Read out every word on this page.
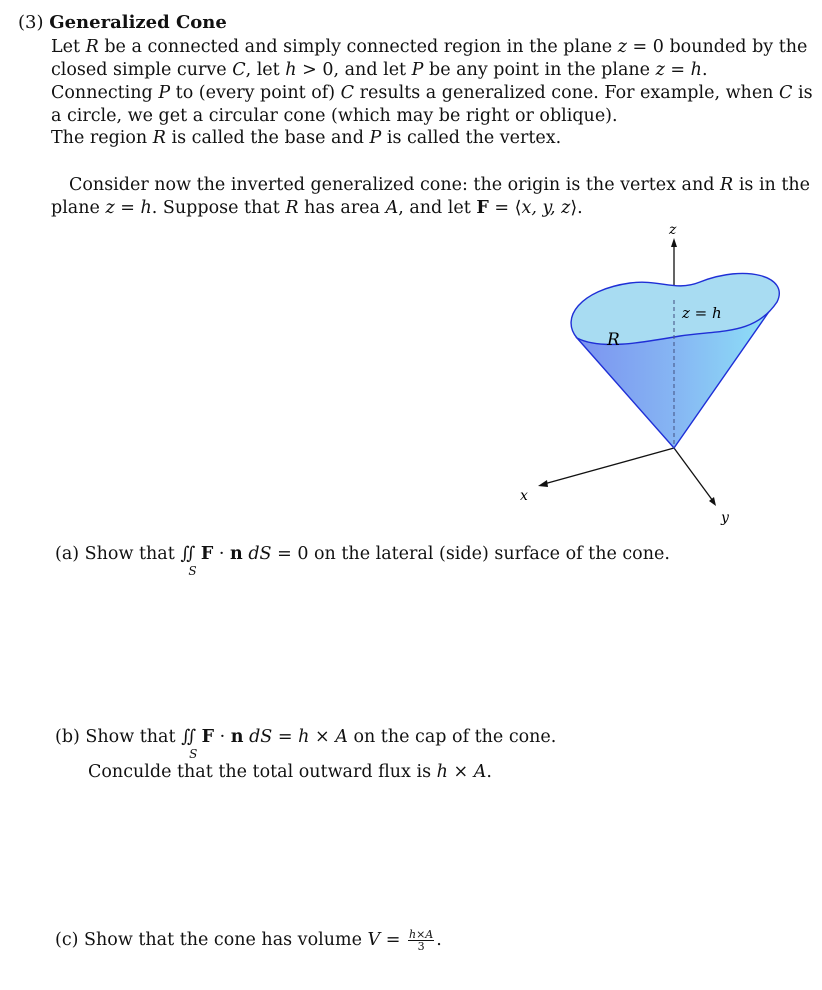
(3) Generalized Cone
Let R be a connected and simply connected region in the plane z = 0 bounded by the
closed simple curve C, let h > 0, and let P be any point in the plane z = h.
Connecting P to (every point of) C results a generalized cone. For example, when C is
a circle, we get a circular cone (which may be right or oblique).
The region R is called the base and P is called the vertex.
Consider now the inverted generalized cone: the origin is the vertex and R is in the
plane z = h. Suppose that R has area A, and let F = ⟨x, y, z⟩.
z
y
x
R
z = h
(a) Show that ∬
S
F · n dS = 0 on the lateral (side) surface of the cone.
(b) Show that ∬
S
F · n dS = h × A on the cap of the cone.
Conculde that the total outward flux is h × A.
(c) Show that the cone has volume $V = \frac{h\times A}{3}$ .
